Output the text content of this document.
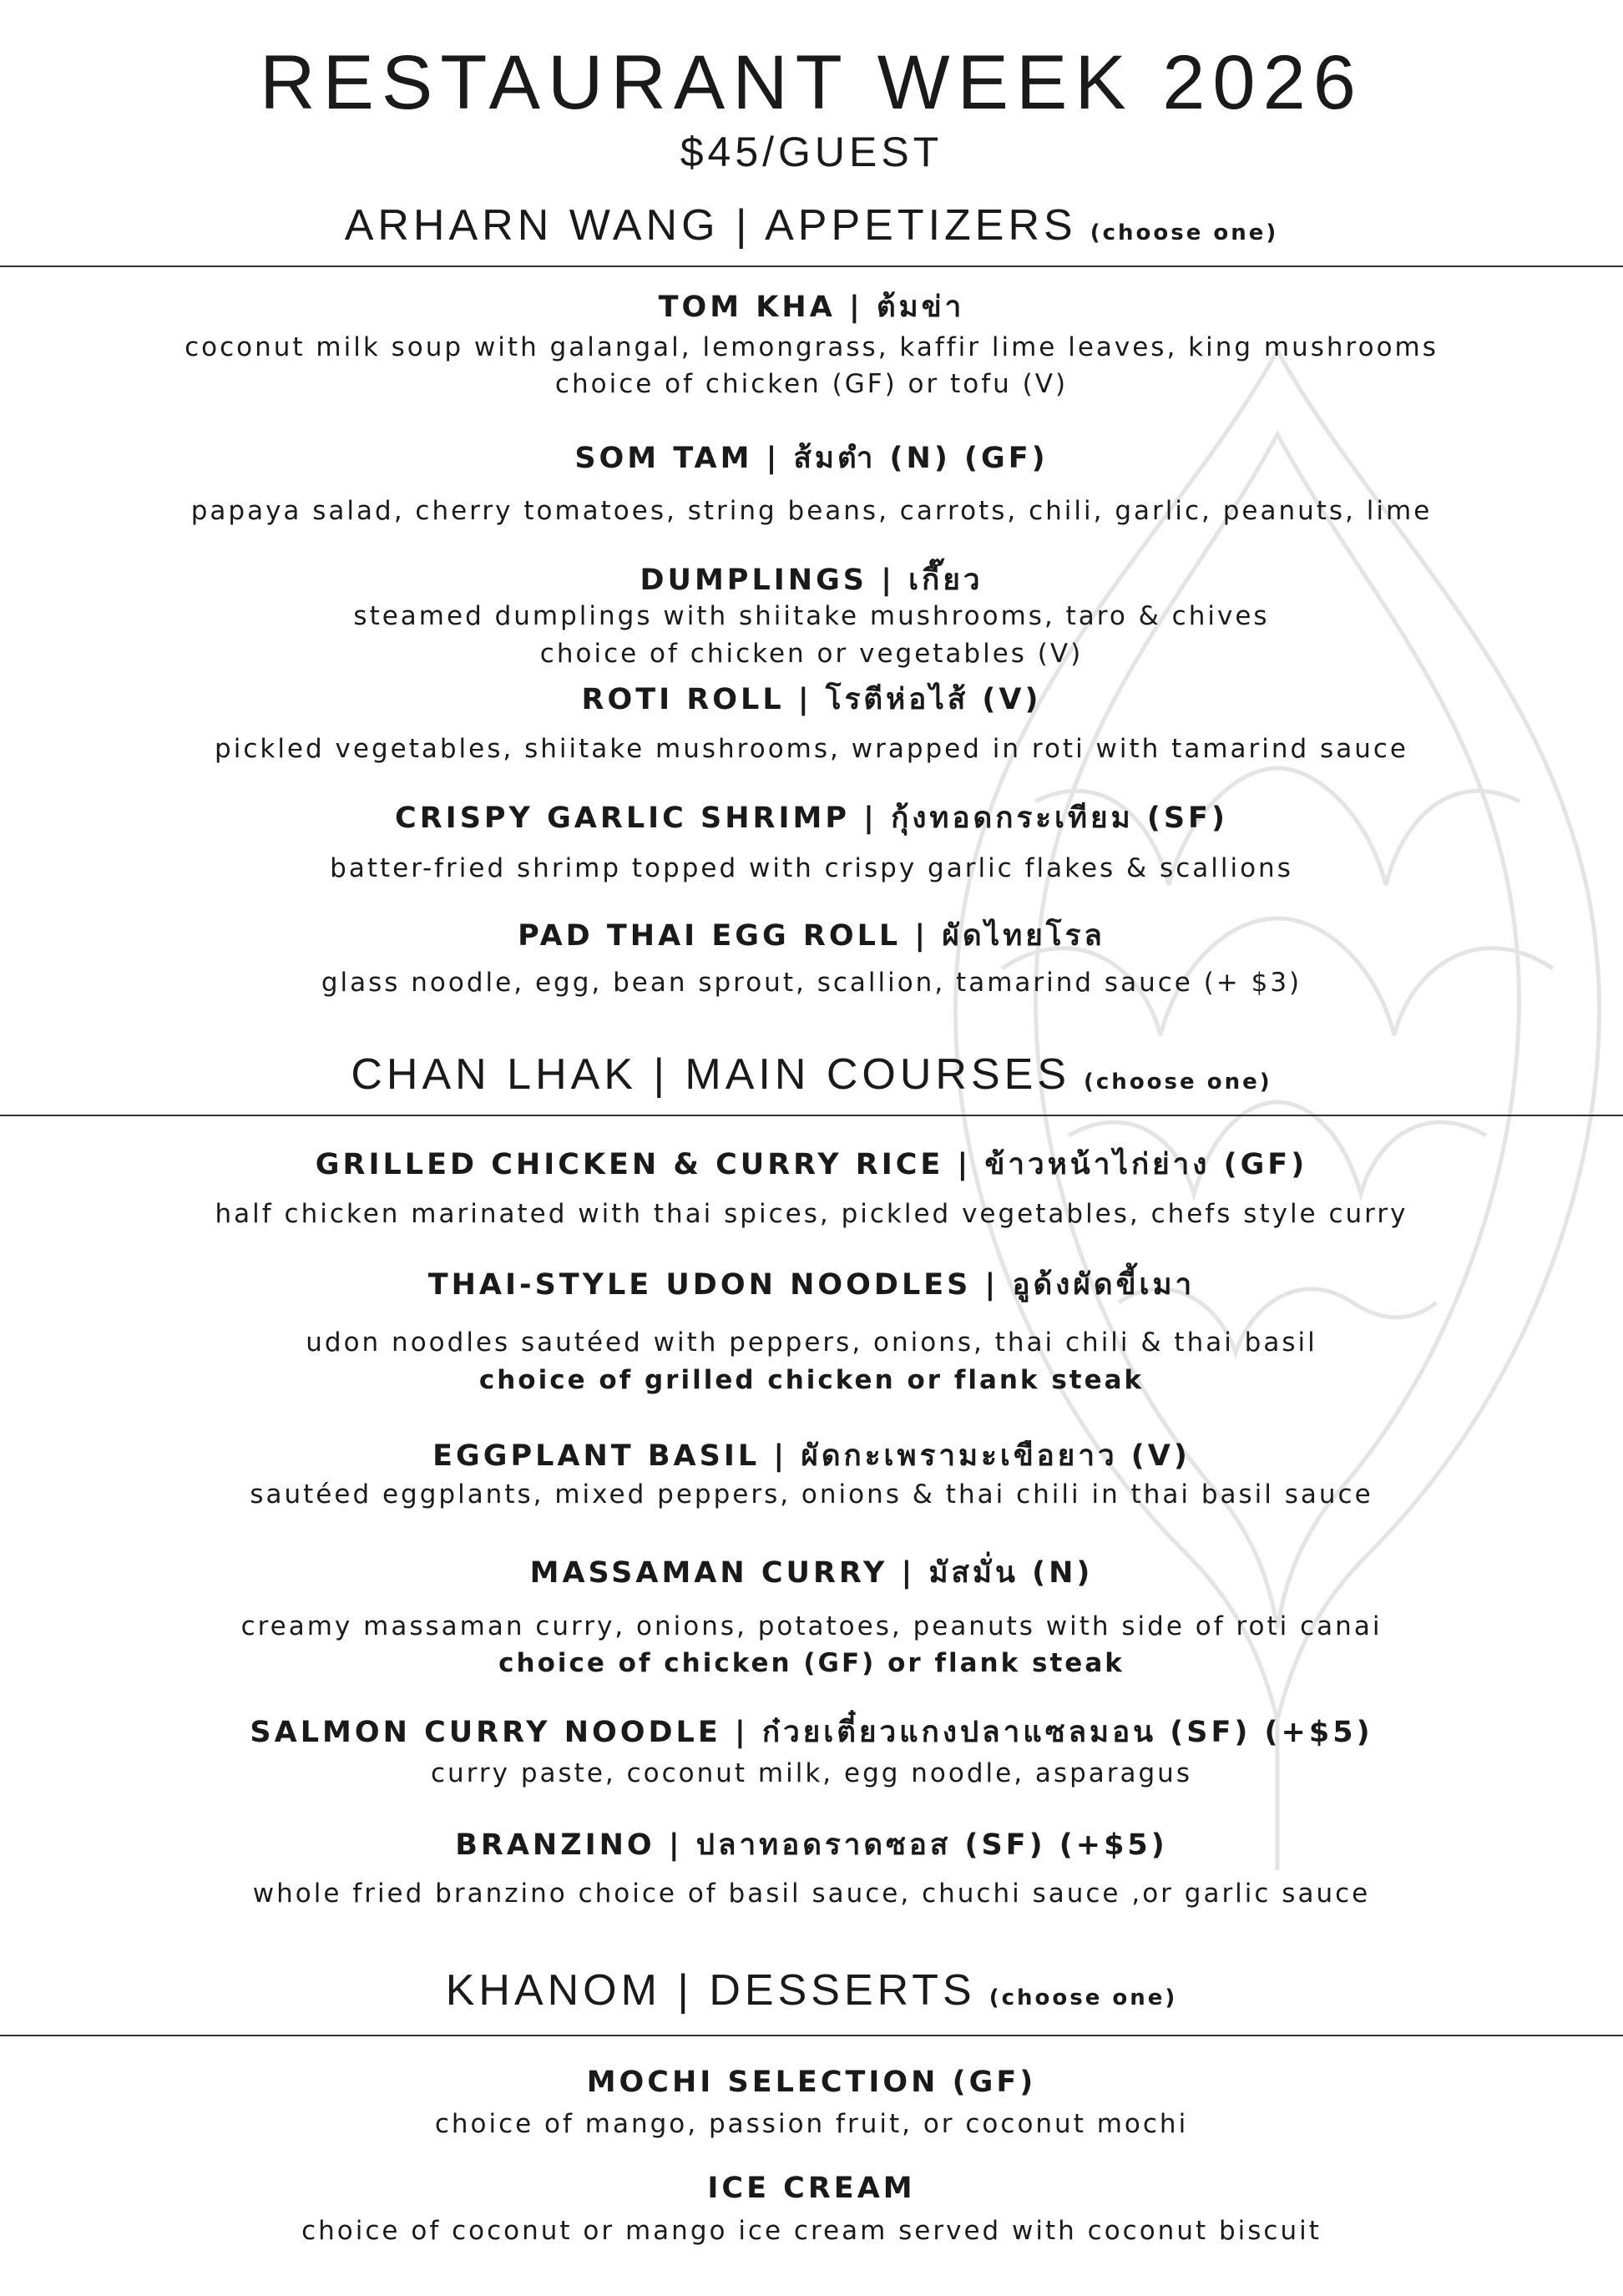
RESTAURANT WEEK 2026
$45/GUEST
ARHARN WANG | APPETIZERS (choose one)
TOM KHA | ต้มข่า
coconut milk soup with galangal, lemongrass, kaffir lime leaves, king mushrooms
choice of chicken (GF) or tofu (V)
SOM TAM | ส้มตำ (N) (GF)
papaya salad, cherry tomatoes, string beans, carrots, chili, garlic, peanuts, lime
DUMPLINGS | เกี๊ยว
steamed dumplings with shiitake mushrooms, taro & chives
choice of chicken or vegetables (V)
ROTI ROLL | โรตีห่อไส้ (V)
pickled vegetables, shiitake mushrooms, wrapped in roti with tamarind sauce
CRISPY GARLIC SHRIMP | กุ้งทอดกระเทียม (SF)
batter-fried shrimp topped with crispy garlic flakes & scallions
PAD THAI EGG ROLL | ผัดไทยโรล
glass noodle, egg, bean sprout, scallion, tamarind sauce (+ $3)
CHAN LHAK | MAIN COURSES (choose one)
GRILLED CHICKEN & CURRY RICE | ข้าวหน้าไก่ย่าง (GF)
half chicken marinated with thai spices, pickled vegetables, chefs style curry
THAI-STYLE UDON NOODLES | อูด้งผัดขี้เมา
udon noodles sautéed with peppers, onions, thai chili & thai basil
choice of grilled chicken or flank steak
EGGPLANT BASIL | ผัดกะเพรามะเขือยาว (V)
sautéed eggplants, mixed peppers, onions & thai chili in thai basil sauce
MASSAMAN CURRY | มัสมั่น (N)
creamy massaman curry, onions, potatoes, peanuts with side of roti canai
choice of chicken (GF) or flank steak
SALMON CURRY NOODLE | ก๋วยเตี๋ยวแกงปลาแซลมอน (SF) (+$5)
curry paste, coconut milk, egg noodle, asparagus
BRANZINO | ปลาทอดราดซอส (SF) (+$5)
whole fried branzino choice of basil sauce, chuchi sauce ,or garlic sauce
KHANOM | DESSERTS (choose one)
MOCHI SELECTION (GF)
choice of mango, passion fruit, or coconut mochi
ICE CREAM
choice of coconut or mango ice cream served with coconut biscuit
